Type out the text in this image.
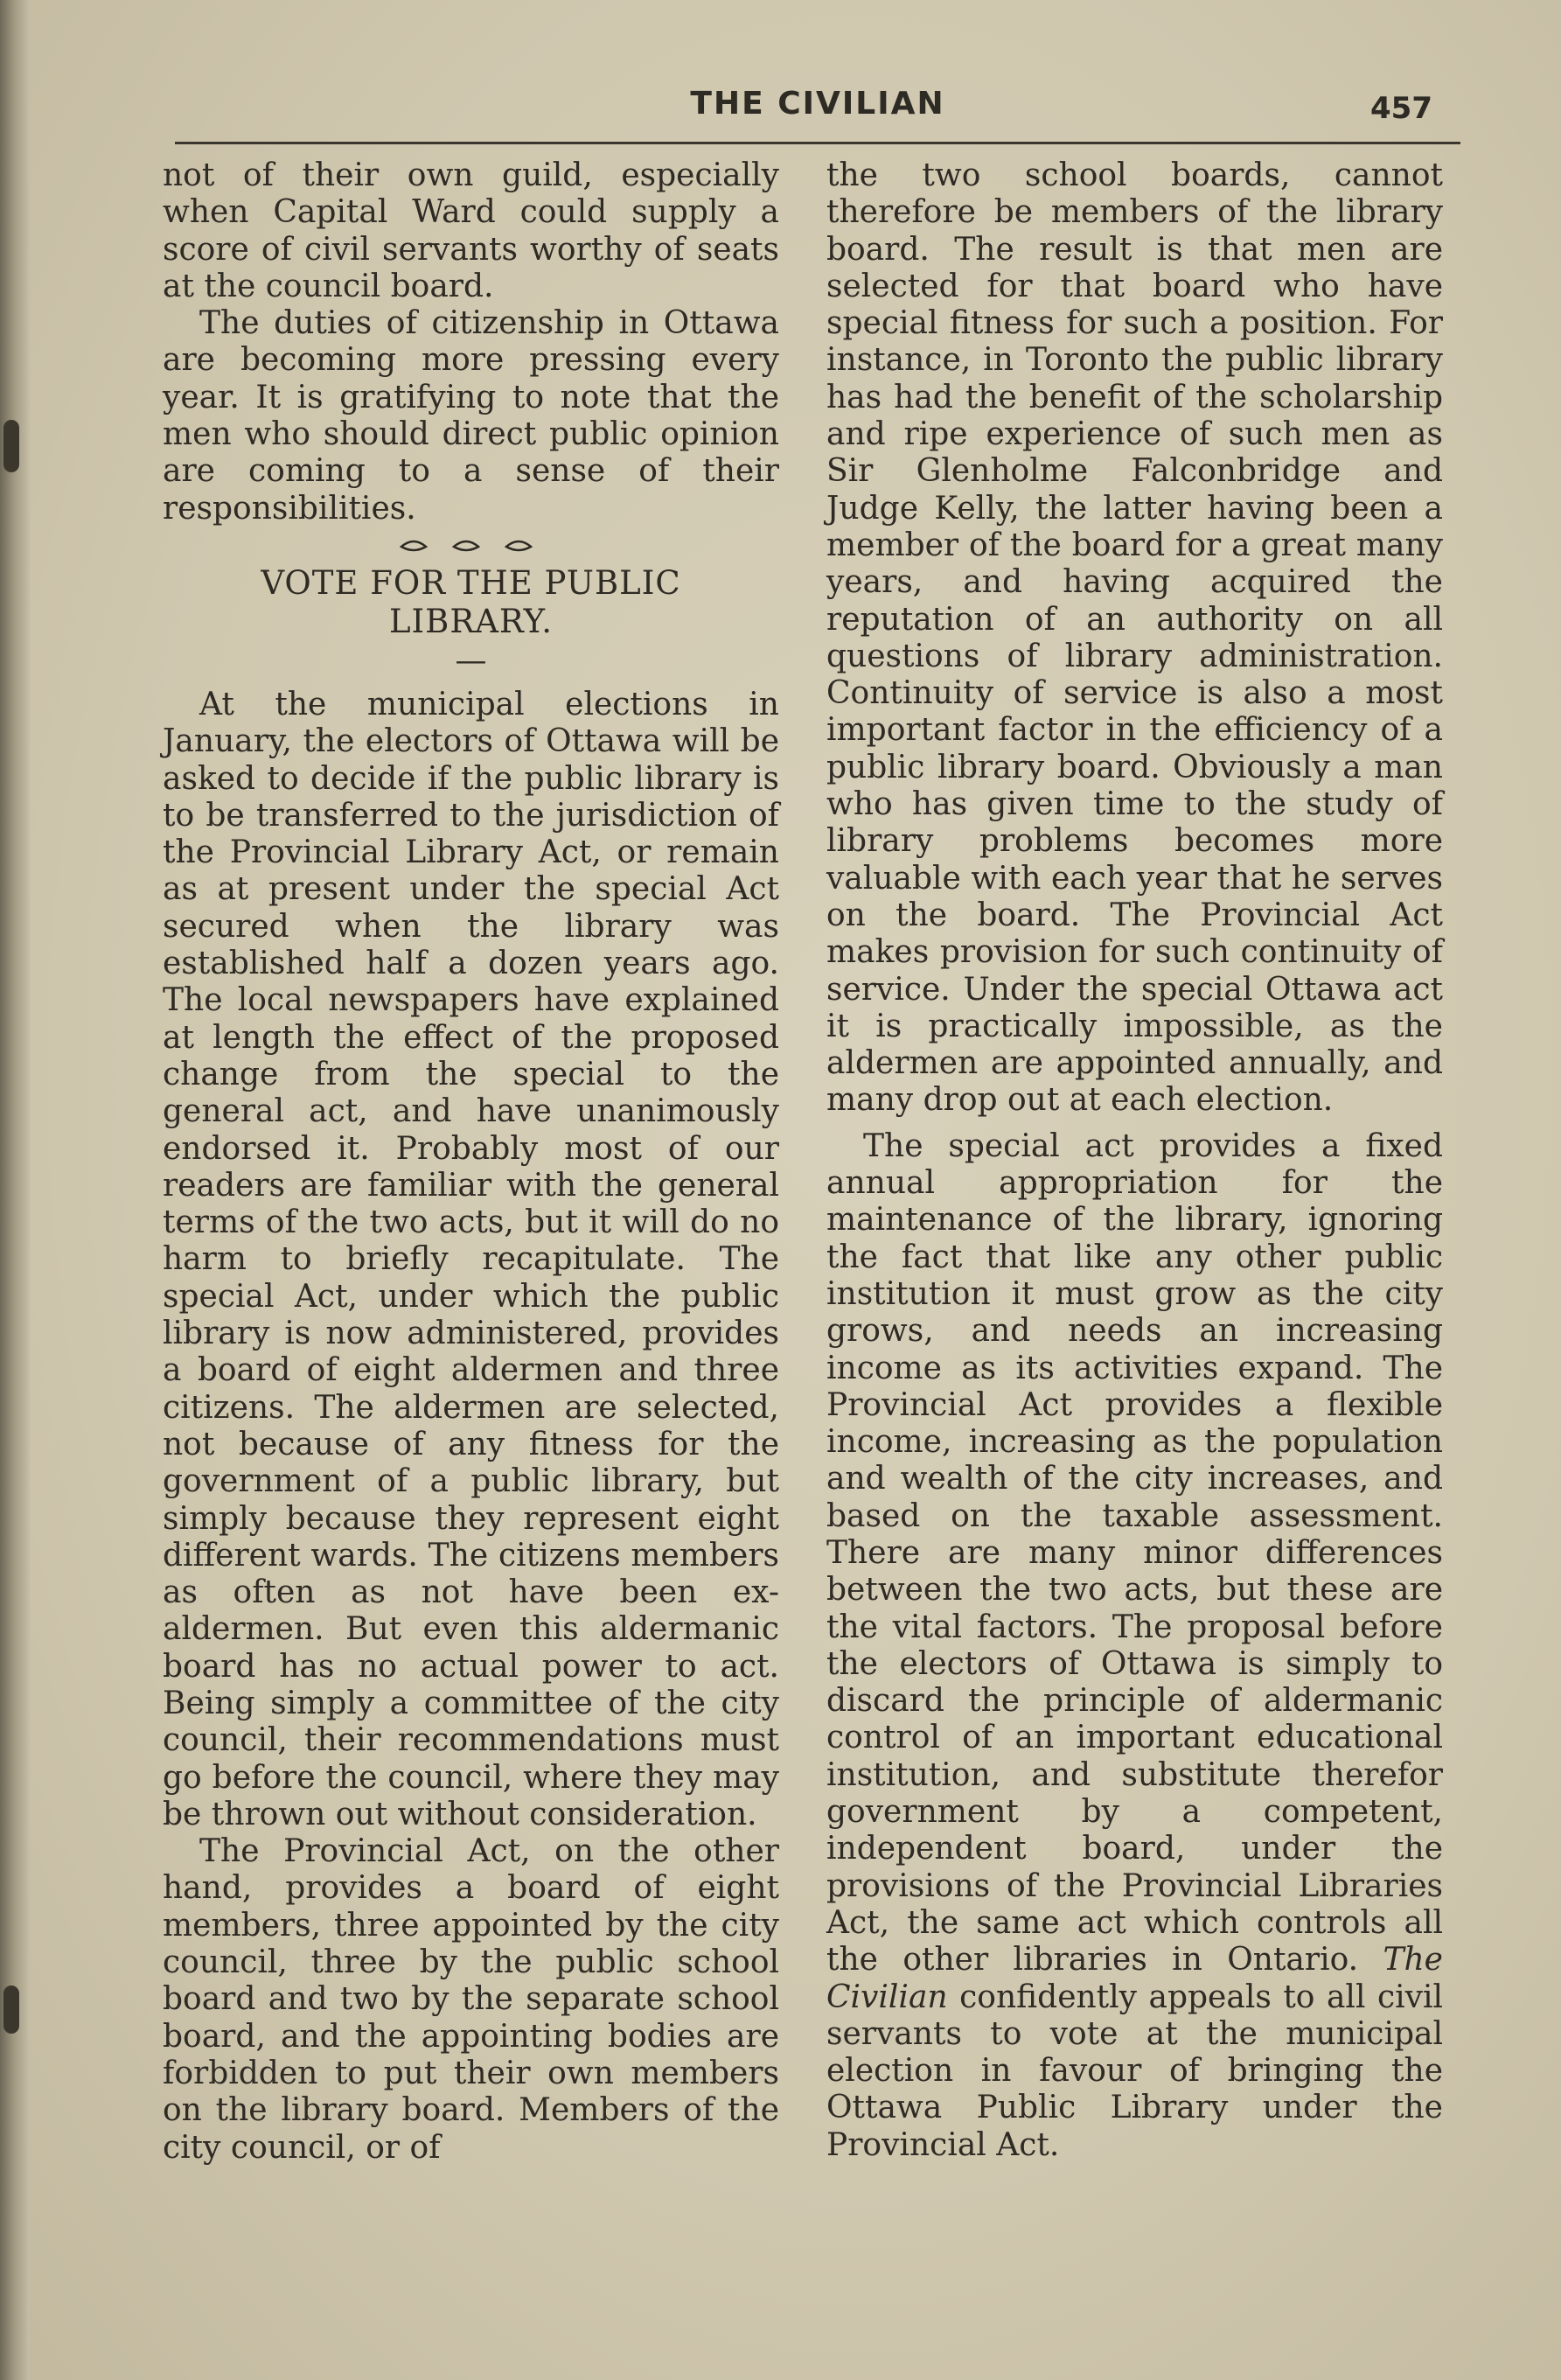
THE CIVILIAN	457

not of their own guild, especially when Capital Ward could supply a score of civil servants worthy of seats at the council board.

The duties of citizenship in Ottawa are becoming more pressing every year. It is gratifying to note that the men who should direct public opinion are coming to a sense of their responsibilities.

VOTE FOR THE PUBLIC LIBRARY.
—

At the municipal elections in January, the electors of Ottawa will be asked to decide if the public library is to be transferred to the jurisdiction of the Provincial Library Act, or remain as at present under the special Act secured when the library was established half a dozen years ago. The local newspapers have explained at length the effect of the proposed change from the special to the general act, and have unanimously endorsed it. Probably most of our readers are familiar with the general terms of the two acts, but it will do no harm to briefly recapitulate. The special Act, under which the public library is now administered, provides a board of eight aldermen and three citizens. The aldermen are selected, not because of any fitness for the government of a public library, but simply because they represent eight different wards. The citizens members as often as not have been ex-aldermen. But even this aldermanic board has no actual power to act. Being simply a committee of the city council, their recommendations must go before the council, where they may be thrown out without consideration.

The Provincial Act, on the other hand, provides a board of eight members, three appointed by the city council, three by the public school board and two by the separate school board, and the appointing bodies are forbidden to put their own members on the library board. Members of the city council, or of

the two school boards, cannot therefore be members of the library board. The result is that men are selected for that board who have special fitness for such a position. For instance, in Toronto the public library has had the benefit of the scholarship and ripe experience of such men as Sir Glenholme Falconbridge and Judge Kelly, the latter having been a member of the board for a great many years, and having acquired the reputation of an authority on all questions of library administration. Continuity of service is also a most important factor in the efficiency of a public library board. Obviously a man who has given time to the study of library problems becomes more valuable with each year that he serves on the board. The Provincial Act makes provision for such continuity of service. Under the special Ottawa act it is practically impossible, as the aldermen are appointed annually, and many drop out at each election.

The special act provides a fixed annual appropriation for the maintenance of the library, ignoring the fact that like any other public institution it must grow as the city grows, and needs an increasing income as its activities expand. The Provincial Act provides a flexible income, increasing as the population and wealth of the city increases, and based on the taxable assessment. There are many minor differences between the two acts, but these are the vital factors. The proposal before the electors of Ottawa is simply to discard the principle of aldermanic control of an important educational institution, and substitute therefor government by a competent, independent board, under the provisions of the Provincial Libraries Act, the same act which controls all the other libraries in Ontario. The Civilian confidently appeals to all civil servants to vote at the municipal election in favour of bringing the Ottawa Public Library under the Provincial Act.
